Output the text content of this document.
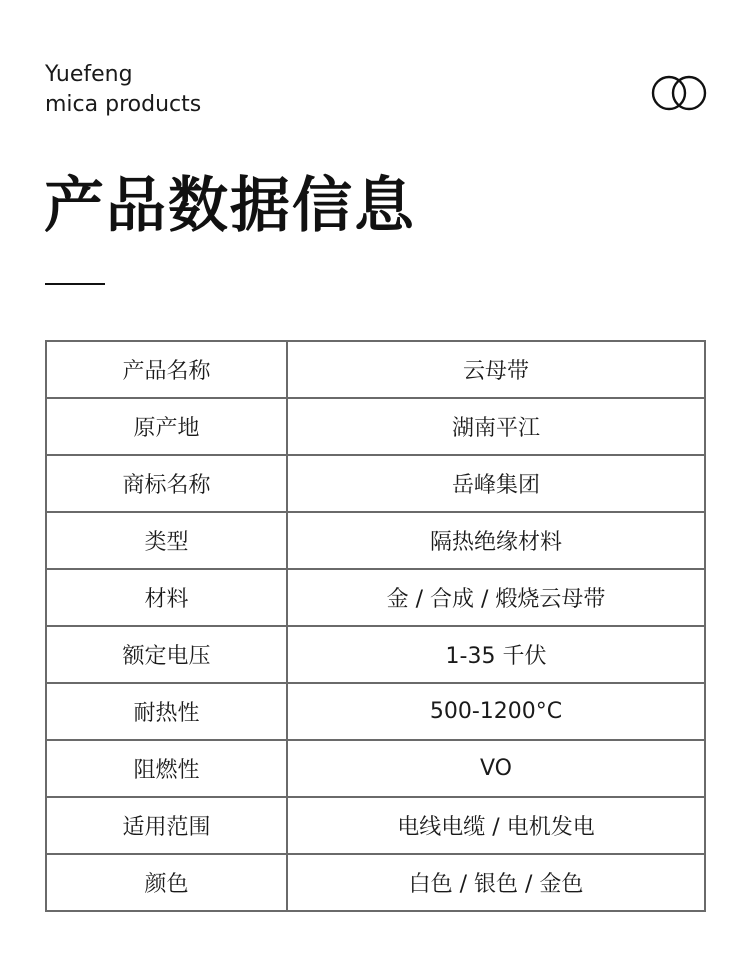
Yuefeng
mica products
产品数据信息
产品名称	云母带
原产地	湖南平江
商标名称	岳峰集团
类型	隔热绝缘材料
材料	金 / 合成 / 煅烧云母带
额定电压	1-35 千伏
耐热性	500-1200°C
阻燃性	VO
适用范围	电线电缆 / 电机发电
颜色	白色 / 银色 / 金色
